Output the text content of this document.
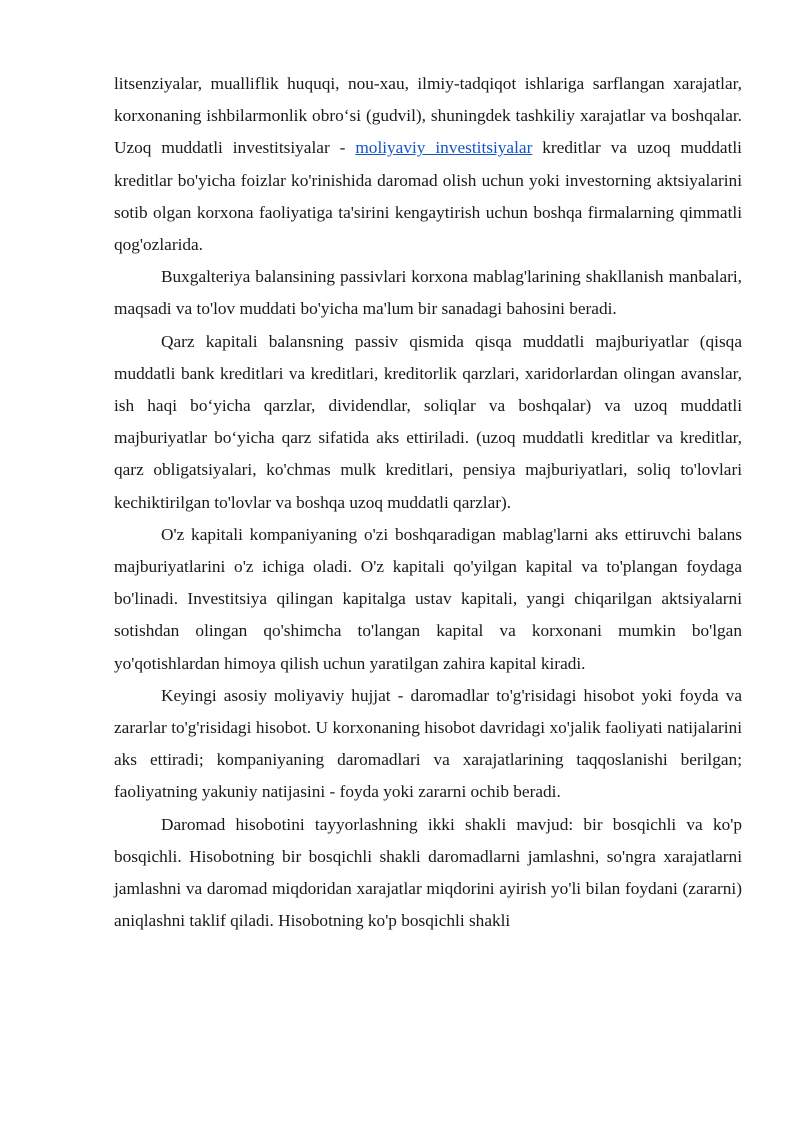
litsenziyalar, mualliflik huquqi, nou-xau, ilmiy-tadqiqot ishlariga sarflangan xarajatlar, korxonaning ishbilarmonlik obro‘si (gudvil), shuningdek tashkiliy xarajatlar va boshqalar. Uzoq muddatli investitsiyalar - moliyaviy investitsiyalar kreditlar va uzoq muddatli kreditlar bo'yicha foizlar ko'rinishida daromad olish uchun yoki investorning aktsiyalarini sotib olgan korxona faoliyatiga ta'sirini kengaytirish uchun boshqa firmalarning qimmatli qog'ozlarida.

Buxgalteriya balansining passivlari korxona mablag'larining shakllanish manbalari, maqsadi va to'lov muddati bo'yicha ma'lum bir sanadagi bahosini beradi.

Qarz kapitali balansning passiv qismida qisqa muddatli majburiyatlar (qisqa muddatli bank kreditlari va kreditlari, kreditorlik qarzlari, xaridorlardan olingan avanslar, ish haqi bo‘yicha qarzlar, dividendlar, soliqlar va boshqalar) va uzoq muddatli majburiyatlar bo‘yicha qarz sifatida aks ettiriladi. (uzoq muddatli kreditlar va kreditlar, qarz obligatsiyalari, ko'chmas mulk kreditlari, pensiya majburiyatlari, soliq to'lovlari kechiktirilgan to'lovlar va boshqa uzoq muddatli qarzlar).

O'z kapitali kompaniyaning o'zi boshqaradigan mablag'larni aks ettiruvchi balans majburiyatlarini o'z ichiga oladi. O'z kapitali qo'yilgan kapital va to'plangan foydaga bo'linadi. Investitsiya qilingan kapitalga ustav kapitali, yangi chiqarilgan aktsiyalarni sotishdan olingan qo'shimcha to'langan kapital va korxonani mumkin bo'lgan yo'qotishlardan himoya qilish uchun yaratilgan zahira kapital kiradi.

Keyingi asosiy moliyaviy hujjat - daromadlar to'g'risidagi hisobot yoki foyda va zararlar to'g'risidagi hisobot. U korxonaning hisobot davridagi xo'jalik faoliyati natijalarini aks ettiradi; kompaniyaning daromadlari va xarajatlarining taqqoslanishi berilgan; faoliyatning yakuniy natijasini - foyda yoki zararni ochib beradi.

Daromad hisobotini tayyorlashning ikki shakli mavjud: bir bosqichli va ko'p bosqichli. Hisobotning bir bosqichli shakli daromadlarni jamlashni, so'ngra xarajatlarni jamlashni va daromad miqdoridan xarajatlar miqdorini ayirish yo'li bilan foydani (zararni) aniqlashni taklif qiladi. Hisobotning ko'p bosqichli shakli
